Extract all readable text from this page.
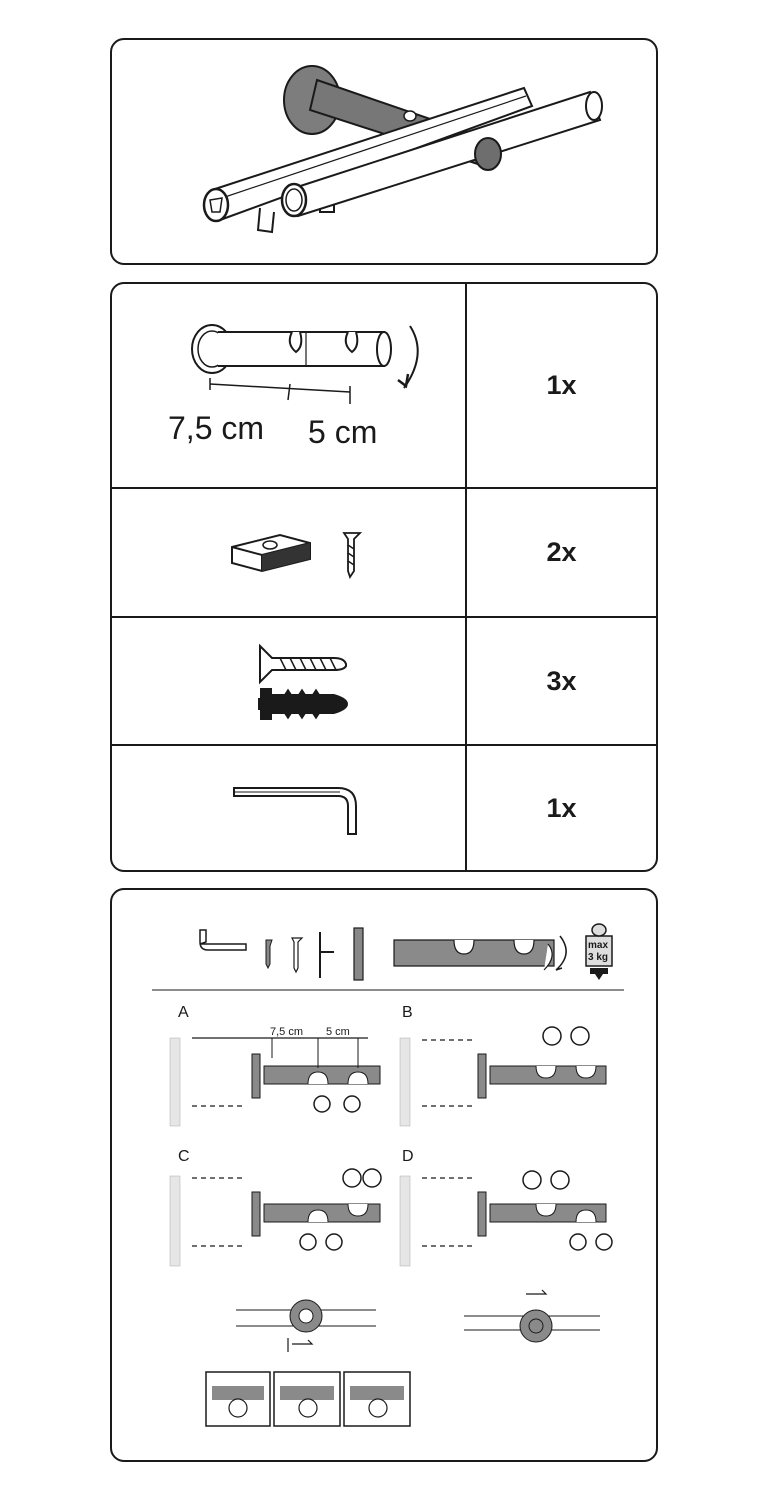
7,5 cm 5 cm
1x
2x
3x
1x
A	B
C	D
7,5 cm 5 cm
max
3 kg
